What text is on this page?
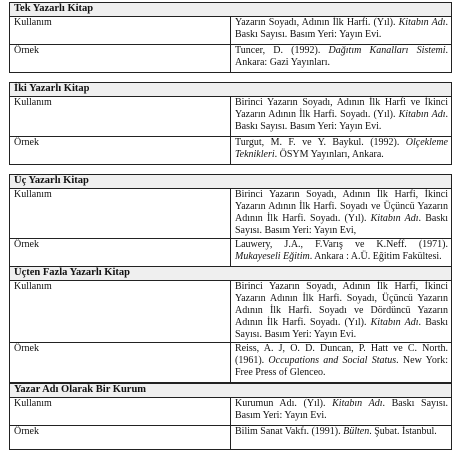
Tek Yazarlı Kitap	
Kullanım	Yazarın Soyadı, Adının İlk Harfi. (Yıl). Kitabın Adı. Baskı Sayısı. Basım Yeri: Yayın Evi.
Örnek	Tuncer, D. (1992). Dağıtım Kanalları Sistemi. Ankara: Gazi Yayınları.
İki Yazarlı Kitap	
Kullanım	Birinci Yazarın Soyadı, Adının İlk Harfi ve İkinci Yazarın Adının İlk Harfi. Soyadı. (Yıl). Kitabın Adı. Baskı Sayısı. Basım Yeri: Yayın Evi.
Örnek	Turgut, M. F. ve Y. Baykul. (1992). Ölçekleme Teknikleri. ÖSYM Yayınları, Ankara.
Üç Yazarlı Kitap	
Kullanım	Birinci Yazarın Soyadı, Adının İlk Harfi, İkinci Yazarın Adının İlk Harfi. Soyadı ve Üçüncü Yazarın Adının İlk Harfi. Soyadı. (Yıl). Kitabın Adı. Baskı Sayısı. Basım Yeri: Yayın Evi,
Örnek	Lauwery, J.A., F.Varış ve K.Neff. (1971). Mukayeseli Eğitim. Ankara : A.Ü. Eğitim Fakültesi.
Üçten Fazla Yazarlı Kitap	
Kullanım	Birinci Yazarın Soyadı, Adının İlk Harfi, İkinci Yazarın Adının İlk Harfi. Soyadı, Üçüncü Yazarın Adının İlk Harfi. Soyadı ve Dördüncü Yazarın Adının İlk Harfi. Soyadı. (Yıl). Kitabın Adı. Baskı Sayısı. Basım Yeri: Yayın Evi.
Örnek	Reiss, A. J, O. D. Duncan, P. Hatt ve C. North. (1961). Occupations and Social Status. New York: Free Press of Glenceo.
Yazar Adı Olarak Bir Kurum	
Kullanım	Kurumun Adı. (Yıl). Kitabın Adı. Baskı Sayısı. Basım Yeri: Yayın Evi.
Örnek	Bilim Sanat Vakfı. (1991). Bülten. Şubat. İstanbul.
